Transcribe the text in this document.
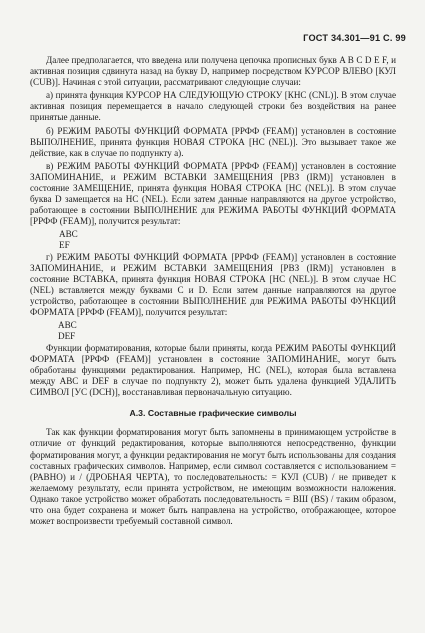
ГОСТ 34.301—91 С. 99

Далее предполагается, что введена или получена цепочка прописных букв A B C D E F, и активная позиция сдвинута назад на букву D, например посредством КУРСОР ВЛЕВО [КУЛ (CUB)]. Начиная с этой ситуации, рассматривают следующие случаи:

а) принята функция КУРСОР НА СЛЕДУЮЩУЮ СТРОКУ [КНС (CNL)]. В этом случае активная позиция перемещается в начало следующей строки без воздействия на ранее принятые данные.

б) РЕЖИМ РАБОТЫ ФУНКЦИЙ ФОРМАТА [РРФФ (FEAM)] установлен в состояние ВЫПОЛНЕНИЕ, принята функция НОВАЯ СТРОКА [НС (NEL)]. Это вызывает такое же действие, как в случае по подпункту а).

в) РЕЖИМ РАБОТЫ ФУНКЦИЙ ФОРМАТА [РРФФ (FEAM)] установлен в состояние ЗАПОМИНАНИЕ, и РЕЖИМ ВСТАВКИ ЗАМЕЩЕНИЯ [РВЗ (IRM)] установлен в состояние ЗАМЕЩЕНИЕ, принята функция НОВАЯ СТРОКА [НС (NEL)]. В этом случае буква D замещается на НС (NEL). Если затем данные направляются на другое устройство, работающее в состоянии ВЫПОЛНЕНИЕ для РЕЖИМА РАБОТЫ ФУНКЦИЙ ФОРМАТА [РРФФ (FEAM)], получится результат:

ABC
EF

г) РЕЖИМ РАБОТЫ ФУНКЦИЙ ФОРМАТА [РРФФ (FEAM)] установлен в состояние ЗАПОМИНАНИЕ, и РЕЖИМ ВСТАВКИ ЗАМЕЩЕНИЯ [РВЗ (IRM)] установлен в состояние ВСТАВКА, принята функция НОВАЯ СТРОКА [НС (NEL)]. В этом случае НС (NEL) вставляется между буквами С и D. Если затем данные направляются на другое устройство, работающее в состоянии ВЫПОЛНЕНИЕ для РЕЖИМА РАБОТЫ ФУНКЦИЙ ФОРМАТА [РРФФ (FEAM)], получится результат:

ABC
DEF

Функции форматирования, которые были приняты, когда РЕЖИМ РАБОТЫ ФУНКЦИЙ ФОРМАТА [РРФФ (FEAM)] установлен в состояние ЗАПОМИНАНИЕ, могут быть обработаны функциями редактирования. Например, НС (NEL), которая была вставлена между ABC и DEF в случае по подпункту 2), может быть удалена функцией УДАЛИТЬ СИМВОЛ [УС (DCH)], восстанавливая первоначальную ситуацию.

А.3. Составные графические символы

Так как функции форматирования могут быть запомнены в принимающем устройстве в отличие от функций редактирования, которые выполняются непосредственно, функции форматирования могут, а функции редактирования не могут быть использованы для создания составных графических символов. Например, если символ составляется с использованием = (РАВНО) и / (ДРОБНАЯ ЧЕРТА), то последовательность: = КУЛ (CUB) / не приведет к желаемому результату, если принята устройством, не имеющим возможности наложения. Однако такое устройство может обработать последовательность = ВШ (BS) / таким образом, что она будет сохранена и может быть направлена на устройство, отображающее, которое может воспроизвести требуемый составной символ.
